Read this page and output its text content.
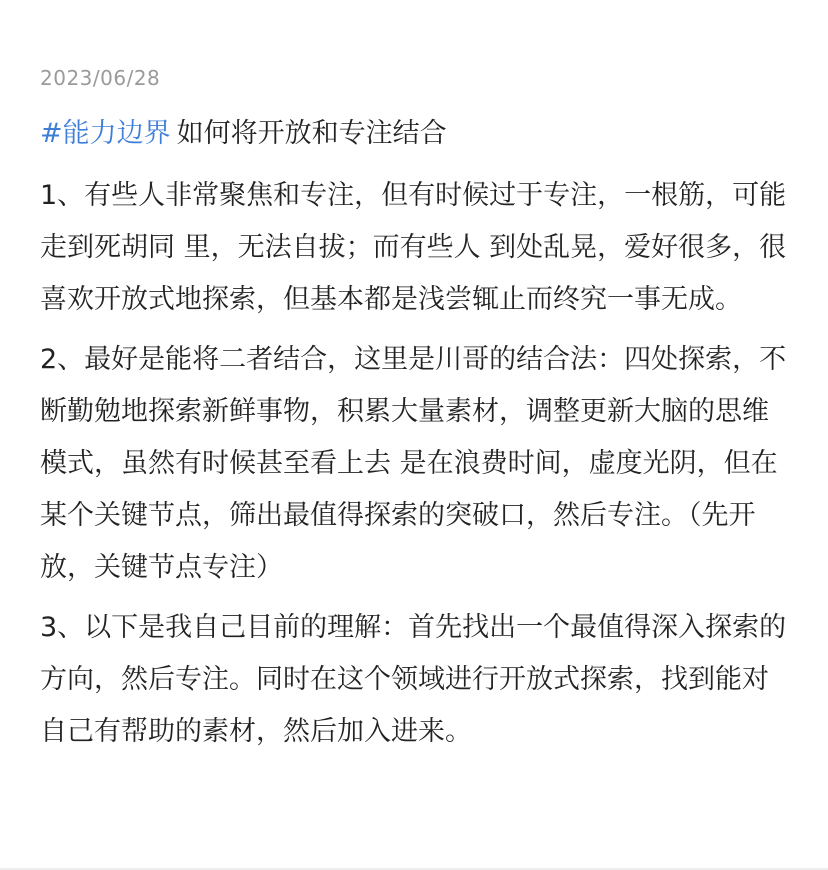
2023/06/28
#能力边界 如何将开放和专注结合

1、有些人非常聚焦和专注，但有时候过于专注，一根筋，可能走到死胡同 里，无法自拔；而有些人 到处乱晃，爱好很多，很喜欢开放式地探索，但基本都是浅尝辄止而终究一事无成。

2、最好是能将二者结合，这里是川哥的结合法：四处探索，不断勤勉地探索新鲜事物，积累大量素材，调整更新大脑的思维模式，虽然有时候甚至看上去 是在浪费时间，虚度光阴，但在某个关键节点，筛出最值得探索的突破口，然后专注。（先开放，关键节点专注）

3、以下是我自己目前的理解：首先找出一个最值得深入探索的方向，然后专注。同时在这个领域进行开放式探索，找到能对自己有帮助的素材，然后加入进来。
